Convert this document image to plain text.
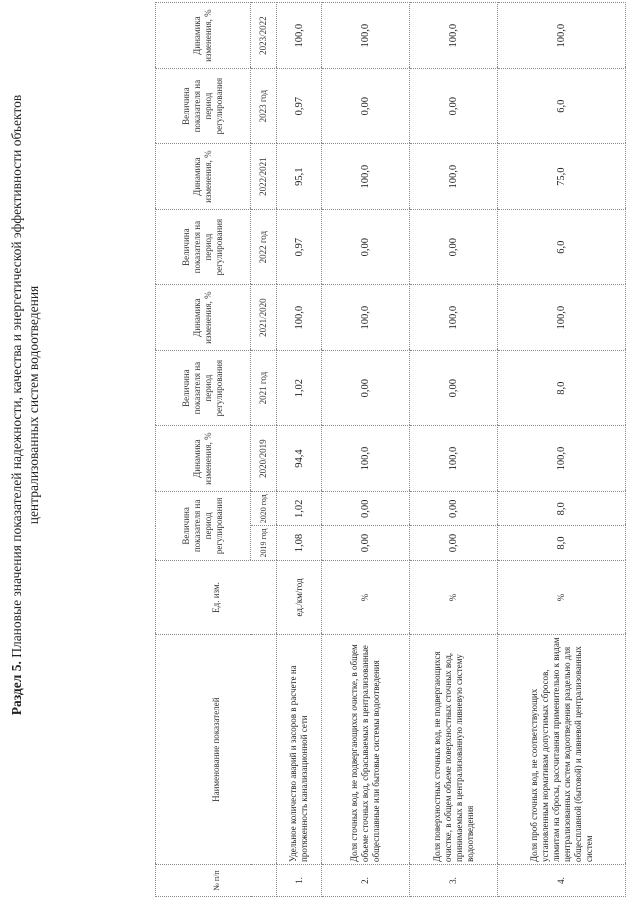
Раздел 5. Плановые значения показателей надежности, качества и энергетической эффективности объектов централизованных систем водоотведения
№ п/п	Наименование показателей	Ед. изм.	Величина показателя на период регулирования		Динамика изменения, %	Величина показателя на период регулирования	Динамика изменения, %	Величина показателя на период регулирования	Динамика изменения, %	Величина показателя на период регулирования	Динамика изменения, %
			2019 год	2020 год	2020/2019	2021 год	2021/2020	2022 год	2022/2021	2023 год	2023/2022
1.	Удельное количество аварий и засоров в расчете на протяженность канализационной сети	ед./км/год	1,08	1,02	94,4	1,02	100,0	0,97	95,1	0,97	100,0
2.	Доля сточных вод, не подвергающихся очистке, в общем объеме сточных вод, сбрасываемых в централизованные общесплавные или бытовые системы водоотведения	%	0,00	0,00	100,0	0,00	100,0	0,00	100,0	0,00	100,0
3.	Доля поверхностных сточных вод, не подвергающихся очистке, в общем объеме поверхностных сточных вод, принимаемых в централизованную ливневую систему водоотведения	%	0,00	0,00	100,0	0,00	100,0	0,00	100,0	0,00	100,0
4.	Доля проб сточных вод, не соответствующих установленным нормативам допустимых сбросов, лимитам на сбросы, рассчитанная применительно к видам централизованных систем водоотведения раздельно для общесплавной (бытовой) и ливневой централизованных систем	%	8,0	8,0	100,0	8,0	100,0	6,0	75,0	6,0	100,0
